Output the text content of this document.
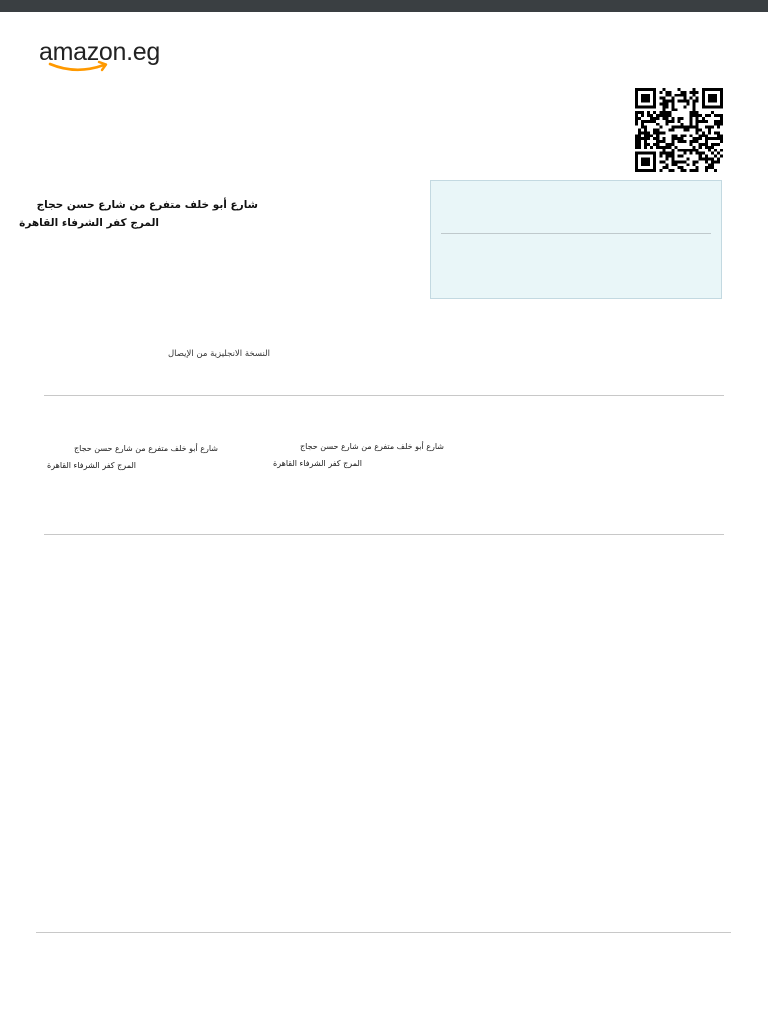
amazon.eg
شارع أبو خلف متفرع من شارع حسن حجاج
المرج كفر الشرفاء القاهرة
النسخة الانجليزية من الإيصال
شارع أبو خلف متفرع من شارع حسن حجاج
المرج كفر الشرفاء القاهرة
شارع أبو خلف متفرع من شارع حسن حجاج
المرج كفر الشرفاء القاهرة
